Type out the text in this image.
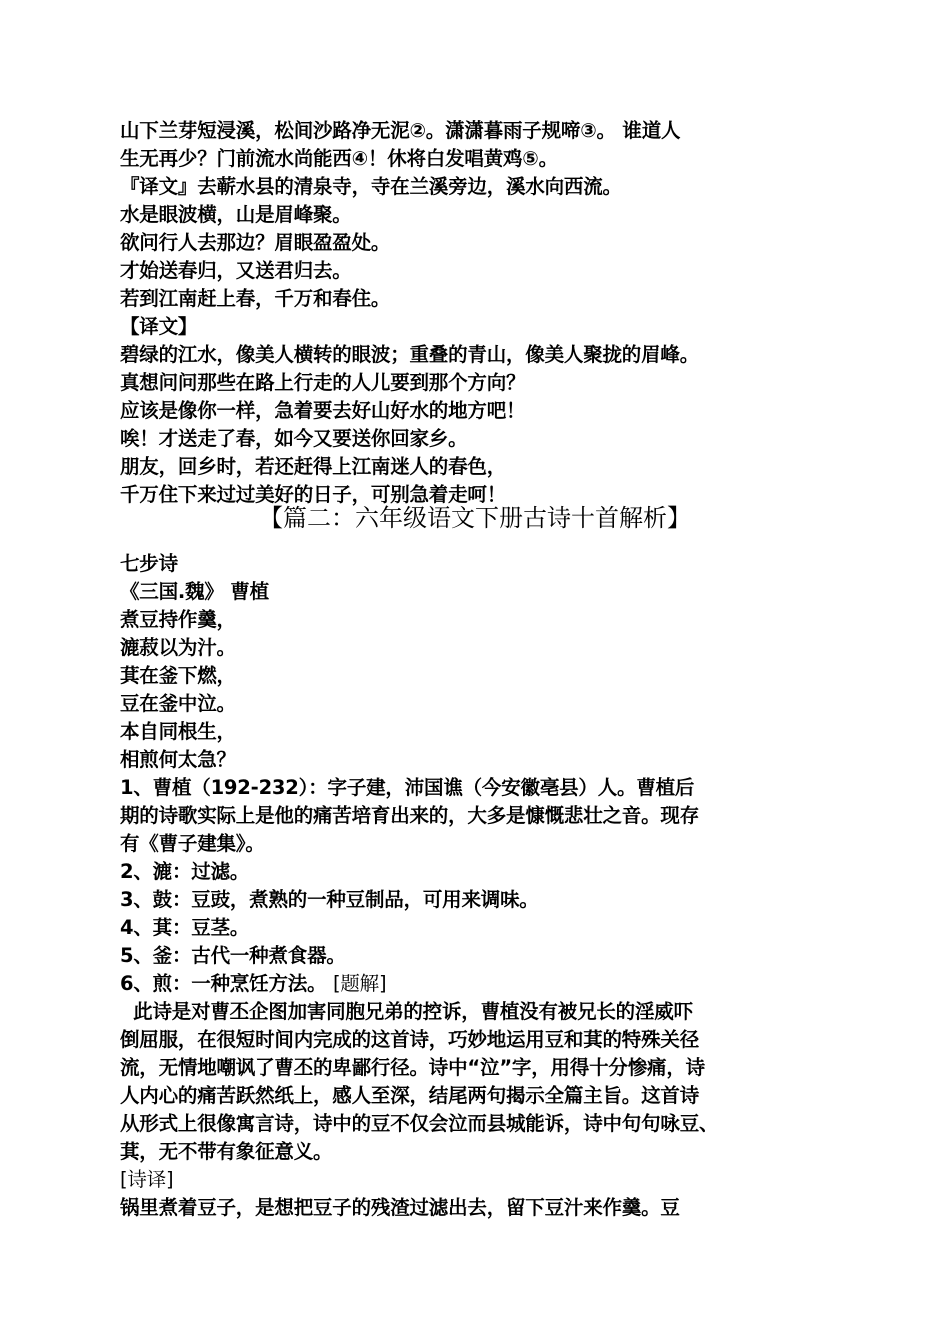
山下兰芽短浸溪，松间沙路净无泥②。潇潇暮雨子规啼③。 谁道人
生无再少？门前流水尚能西④！休将白发唱黄鸡⑤。
『译文』去蕲水县的清泉寺，寺在兰溪旁边，溪水向西流。
水是眼波横，山是眉峰聚。
欲问行人去那边？眉眼盈盈处。
才始送春归，又送君归去。
若到江南赶上春，千万和春住。
【译文】
碧绿的江水，像美人横转的眼波；重叠的青山，像美人聚拢的眉峰。
真想问问那些在路上行走的人儿要到那个方向？
应该是像你一样，急着要去好山好水的地方吧！
唉！才送走了春，如今又要送你回家乡。
朋友，回乡时，若还赶得上江南迷人的春色，
千万住下来过过美好的日子，可别急着走呵！
【篇二：六年级语文下册古诗十首解析】
七步诗
《三国.魏》 曹植
煮豆持作羹，
漉菽以为汁。
萁在釜下燃，
豆在釜中泣。
本自同根生，
相煎何太急？
1、曹植（192-232）：字子建，沛国谯（今安徽亳县）人。曹植后
期的诗歌实际上是他的痛苦培育出来的，大多是慷慨悲壮之音。现存
有《曹子建集》。
2、漉：过滤。
3、鼓：豆豉，煮熟的一种豆制品，可用来调味。
4、萁：豆茎。
5、釜：古代一种煮食器。
6、煎：一种烹饪方法。 [题解]
此诗是对曹丕企图加害同胞兄弟的控诉，曹植没有被兄长的淫威吓
倒屈服，在很短时间内完成的这首诗，巧妙地运用豆和萁的特殊关径
流，无情地嘲讽了曹丕的卑鄙行径。诗中“泣”字，用得十分惨痛，诗
人内心的痛苦跃然纸上，感人至深，结尾两句揭示全篇主旨。这首诗
从形式上很像寓言诗，诗中的豆不仅会泣而县城能诉，诗中句句咏豆、
萁，无不带有象征意义。
[诗译]
锅里煮着豆子，是想把豆子的残渣过滤出去，留下豆汁来作羹。豆
